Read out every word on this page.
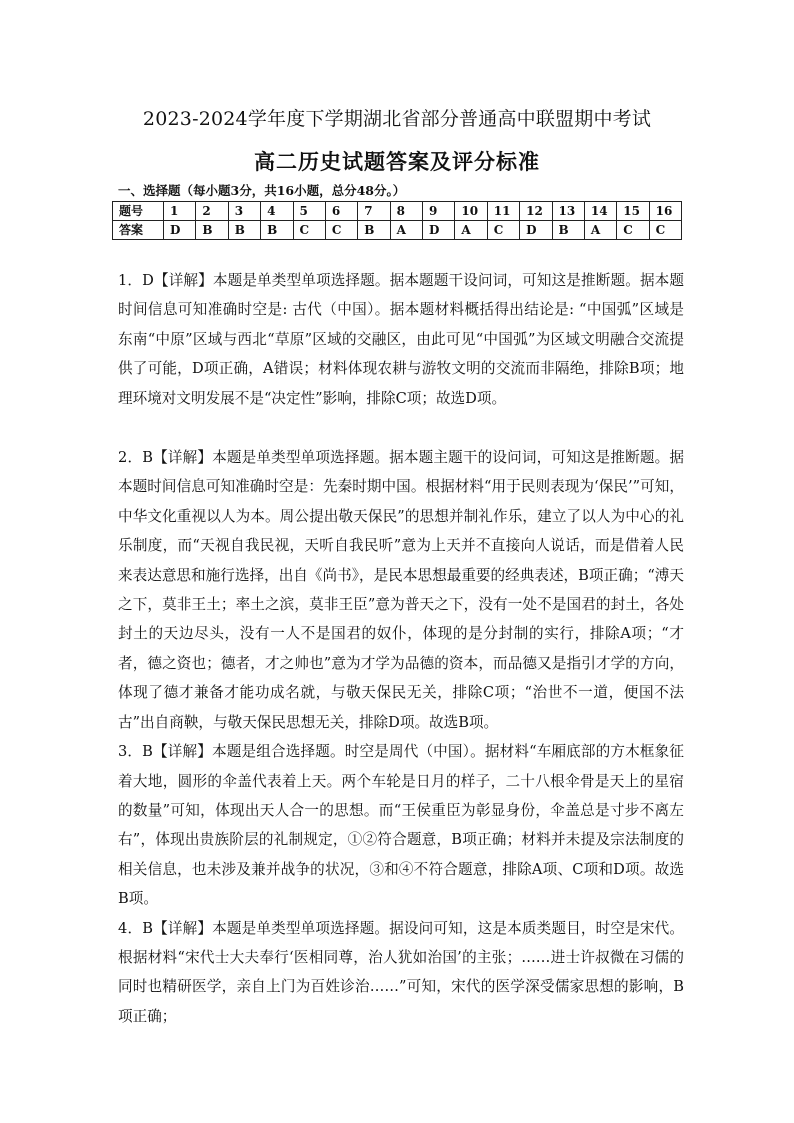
2023-2024学年度下学期湖北省部分普通高中联盟期中考试
高二历史试题答案及评分标准
一、选择题（每小题3分，共16小题，总分48分。）
题号	1	2	3	4	5	6	7	8	9	10	11	12	13	14	15	16
答案	D	B	B	B	C	C	B	A	D	A	C	D	B	A	C	C

1．D【详解】本题是单类型单项选择题。据本题题干设问词，可知这是推断题。据本题时间信息可知准确时空是: 古代（中国）。据本题材料概括得出结论是: “中国弧”区域是东南“中原”区域与西北“草原”区域的交融区，由此可见“中国弧”为区域文明融合交流提供了可能，D项正确，A错误；材料体现农耕与游牧文明的交流而非隔绝，排除B项；地理环境对文明发展不是“决定性”影响，排除C项；故选D项。

2．B【详解】本题是单类型单项选择题。据本题主题干的设问词，可知这是推断题。据本题时间信息可知准确时空是：先秦时期中国。根据材料“用于民则表现为‘保民’”可知，中华文化重视以人为本。周公提出敬天保民”的思想并制礼作乐，建立了以人为中心的礼乐制度，而“天视自我民视，天听自我民听”意为上天并不直接向人说话，而是借着人民来表达意思和施行选择，出自《尚书》，是民本思想最重要的经典表述，B项正确；“溥天之下，莫非王土；率土之滨，莫非王臣”意为普天之下，没有一处不是国君的封土，各处封土的天边尽头，没有一人不是国君的奴仆，体现的是分封制的实行，排除A项；“才者，德之资也；德者，才之帅也”意为才学为品德的资本，而品德又是指引才学的方向，体现了德才兼备才能功成名就，与敬天保民无关，排除C项；“治世不一道，便国不法古”出自商鞅，与敬天保民思想无关，排除D项。故选B项。

3．B【详解】本题是组合选择题。时空是周代（中国）。据材料“车厢底部的方木框象征着大地，圆形的伞盖代表着上天。两个车轮是日月的样子，二十八根伞骨是天上的星宿的数量”可知，体现出天人合一的思想。而“王侯重臣为彰显身份，伞盖总是寸步不离左右”，体现出贵族阶层的礼制规定，①②符合题意，B项正确；材料并未提及宗法制度的相关信息，也未涉及兼并战争的状况，③和④不符合题意，排除A项、C项和D项。故选B项。

4．B【详解】本题是单类型单项选择题。据设问可知，这是本质类题目，时空是宋代。根据材料“宋代士大夫奉行‘医相同尊，治人犹如治国’的主张；……进士许叔微在习儒的同时也精研医学，亲自上门为百姓诊治……”可知，宋代的医学深受儒家思想的影响，B项正确；
